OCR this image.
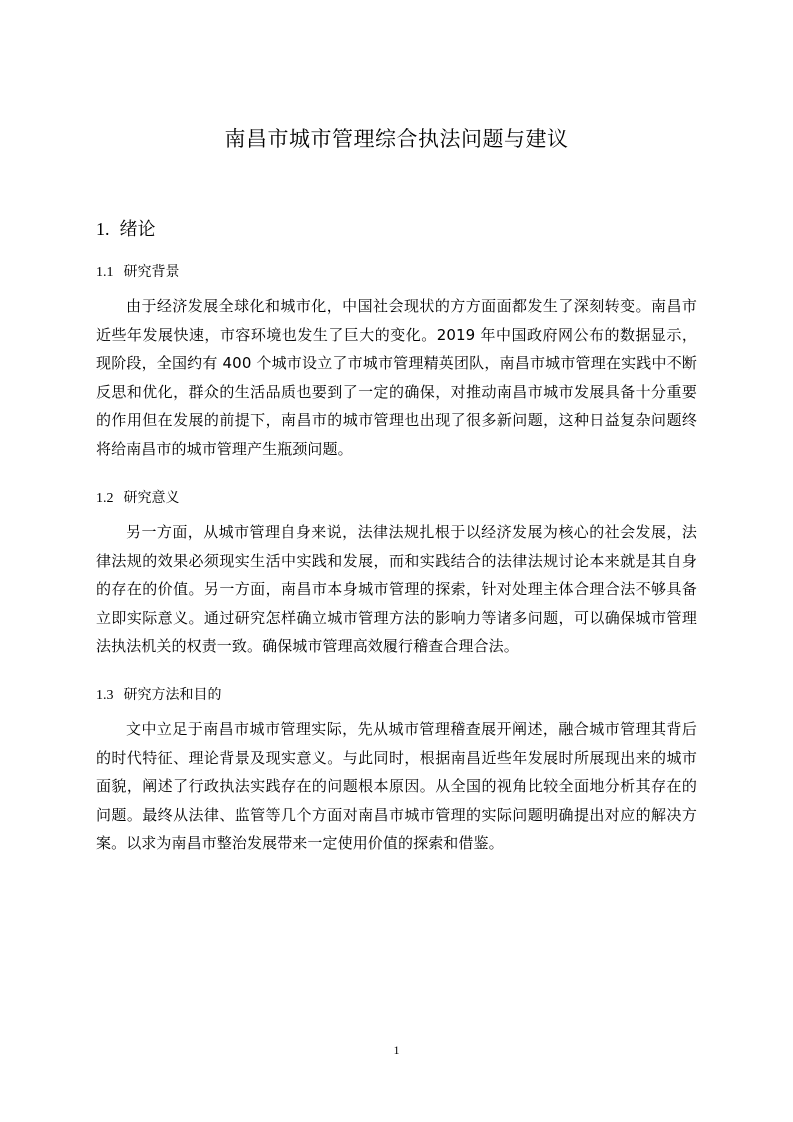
南昌市城市管理综合执法问题与建议
1. 绪论
1.1 研究背景
由于经济发展全球化和城市化，中国社会现状的方方面面都发生了深刻转变。南昌市近些年发展快速，市容环境也发生了巨大的变化。2019 年中国政府网公布的数据显示，现阶段，全国约有 400 个城市设立了市城市管理精英团队，南昌市城市管理在实践中不断反思和优化，群众的生活品质也要到了一定的确保，对推动南昌市城市发展具备十分重要的作用但在发展的前提下，南昌市的城市管理也出现了很多新问题，这种日益复杂问题终将给南昌市的城市管理产生瓶颈问题。
1.2 研究意义
另一方面，从城市管理自身来说，法律法规扎根于以经济发展为核心的社会发展，法律法规的效果必须现实生活中实践和发展，而和实践结合的法律法规讨论本来就是其自身的存在的价值。另一方面，南昌市本身城市管理的探索，针对处理主体合理合法不够具备立即实际意义。通过研究怎样确立城市管理方法的影响力等诸多问题，可以确保城市管理法执法机关的权责一致。确保城市管理高效履行稽查合理合法。
1.3 研究方法和目的
文中立足于南昌市城市管理实际，先从城市管理稽查展开阐述，融合城市管理其背后的时代特征、理论背景及现实意义。与此同时，根据南昌近些年发展时所展现出来的城市面貌，阐述了行政执法实践存在的问题根本原因。从全国的视角比较全面地分析其存在的问题。最终从法律、监管等几个方面对南昌市城市管理的实际问题明确提出对应的解决方案。以求为南昌市整治发展带来一定使用价值的探索和借鉴。
1
